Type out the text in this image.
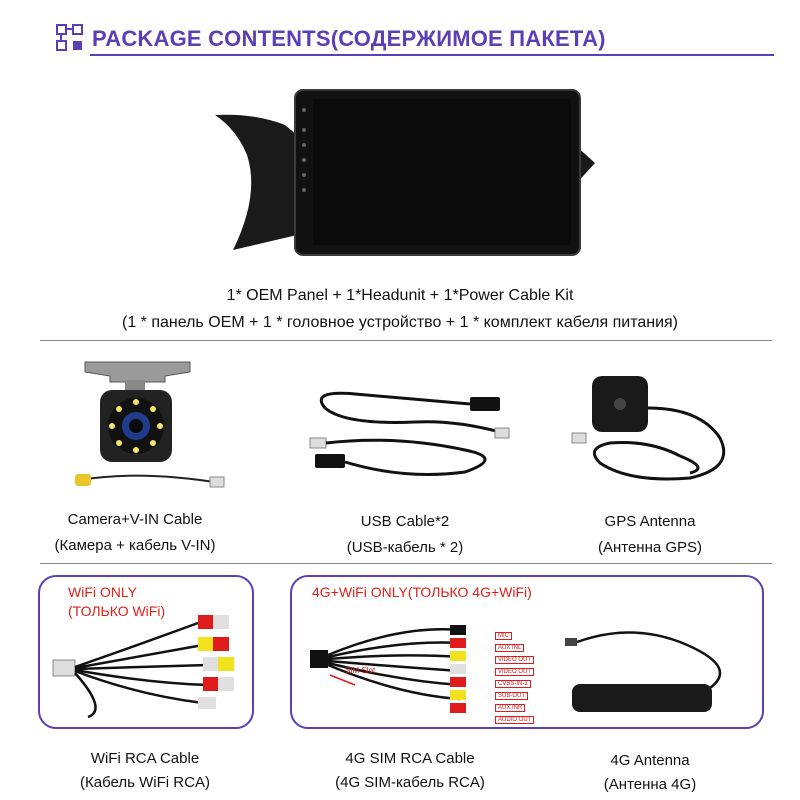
PACKAGE CONTENTS(СОДЕРЖИМОЕ ПАКЕТА)
1* OEM Panel + 1*Headunit + 1*Power Cable Kit
(1 * панель OEM + 1 * головное устройство + 1 * комплект кабеля питания)
Camera+V-IN Cable
(Камера + кабель V-IN)
USB Cable*2
(USB-кабель * 2)
GPS Antenna
(Антенна GPS)
WiFi ONLY
(ТОЛЬКО WiFi)
4G+WiFi ONLY(ТОЛЬКО 4G+WiFi)
SIM Slot
MIC
AUX INL
VIDEO OUT
VIDEO OUT
CVBS-IN-1
SUB-OUT
AUX INR
AUDIO OUT
WiFi RCA Cable
(Кабель WiFi RCA)
4G SIM RCA Cable
(4G SIM-кабель RCA)
4G Antenna
(Антенна 4G)
